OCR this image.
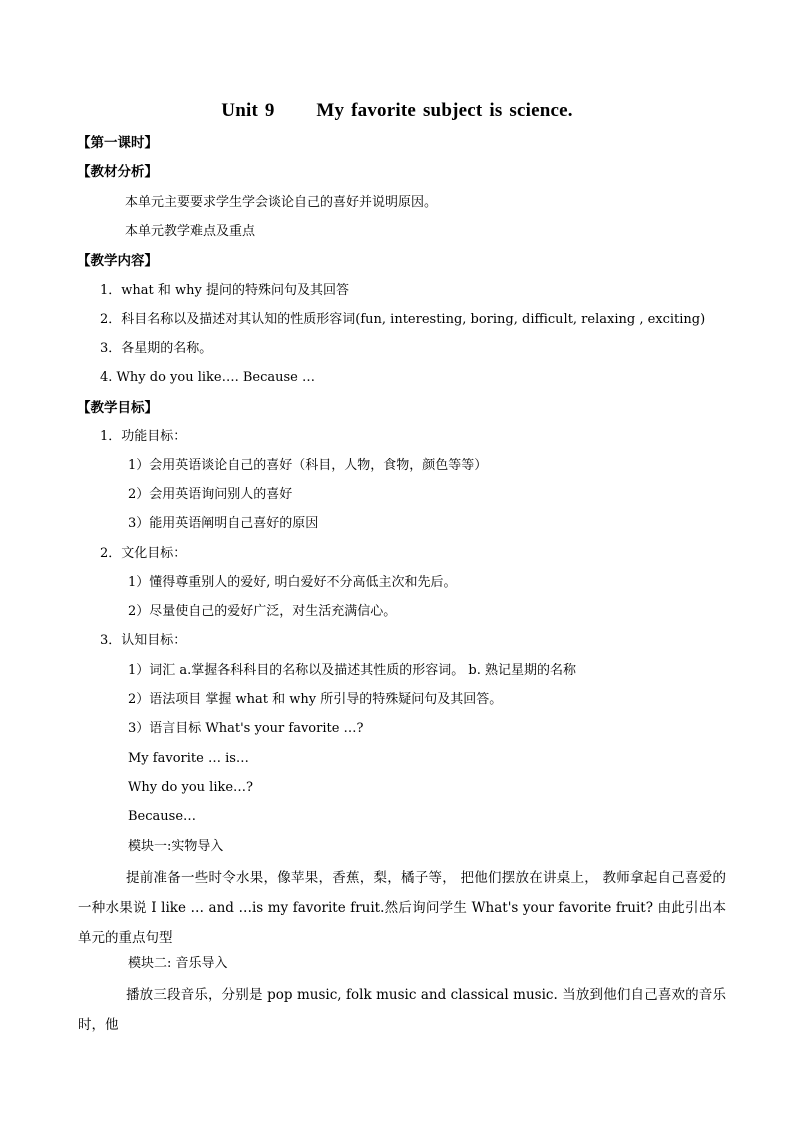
Unit 9      My favorite subject is science.
【第一课时】
【教材分析】
本单元主要要求学生学会谈论自己的喜好并说明原因。
本单元教学难点及重点
【教学内容】
1．what 和 why 提问的特殊问句及其回答
2．科目名称以及描述对其认知的性质形容词(fun, interesting, boring, difficult, relaxing , exciting)
3．各星期的名称。
4. Why do you like…. Because …
【教学目标】
1．功能目标：
1）会用英语谈论自己的喜好（科目，人物，食物，颜色等等）
2）会用英语询问别人的喜好
3）能用英语阐明自己喜好的原因
2．文化目标：
1）懂得尊重别人的爱好, 明白爱好不分高低主次和先后。
2）尽量使自己的爱好广泛，对生活充满信心。
3．认知目标：
1）词汇 a.掌握各科科目的名称以及描述其性质的形容词。 b. 熟记星期的名称
2）语法项目 掌握 what 和 why 所引导的特殊疑问句及其回答。
3）语言目标 What's your favorite …?
My favorite … is…
Why do you like…?
Because…
模块一:实物导入
提前准备一些时令水果，像苹果，香蕉，梨，橘子等， 把他们摆放在讲桌上， 教师拿起自己喜爱的一种水果说 I like … and …is my favorite fruit.然后询问学生 What's your favorite fruit? 由此引出本单元的重点句型
模块二: 音乐导入
播放三段音乐，分别是 pop music, folk music and classical music. 当放到他们自己喜欢的音乐时，他
